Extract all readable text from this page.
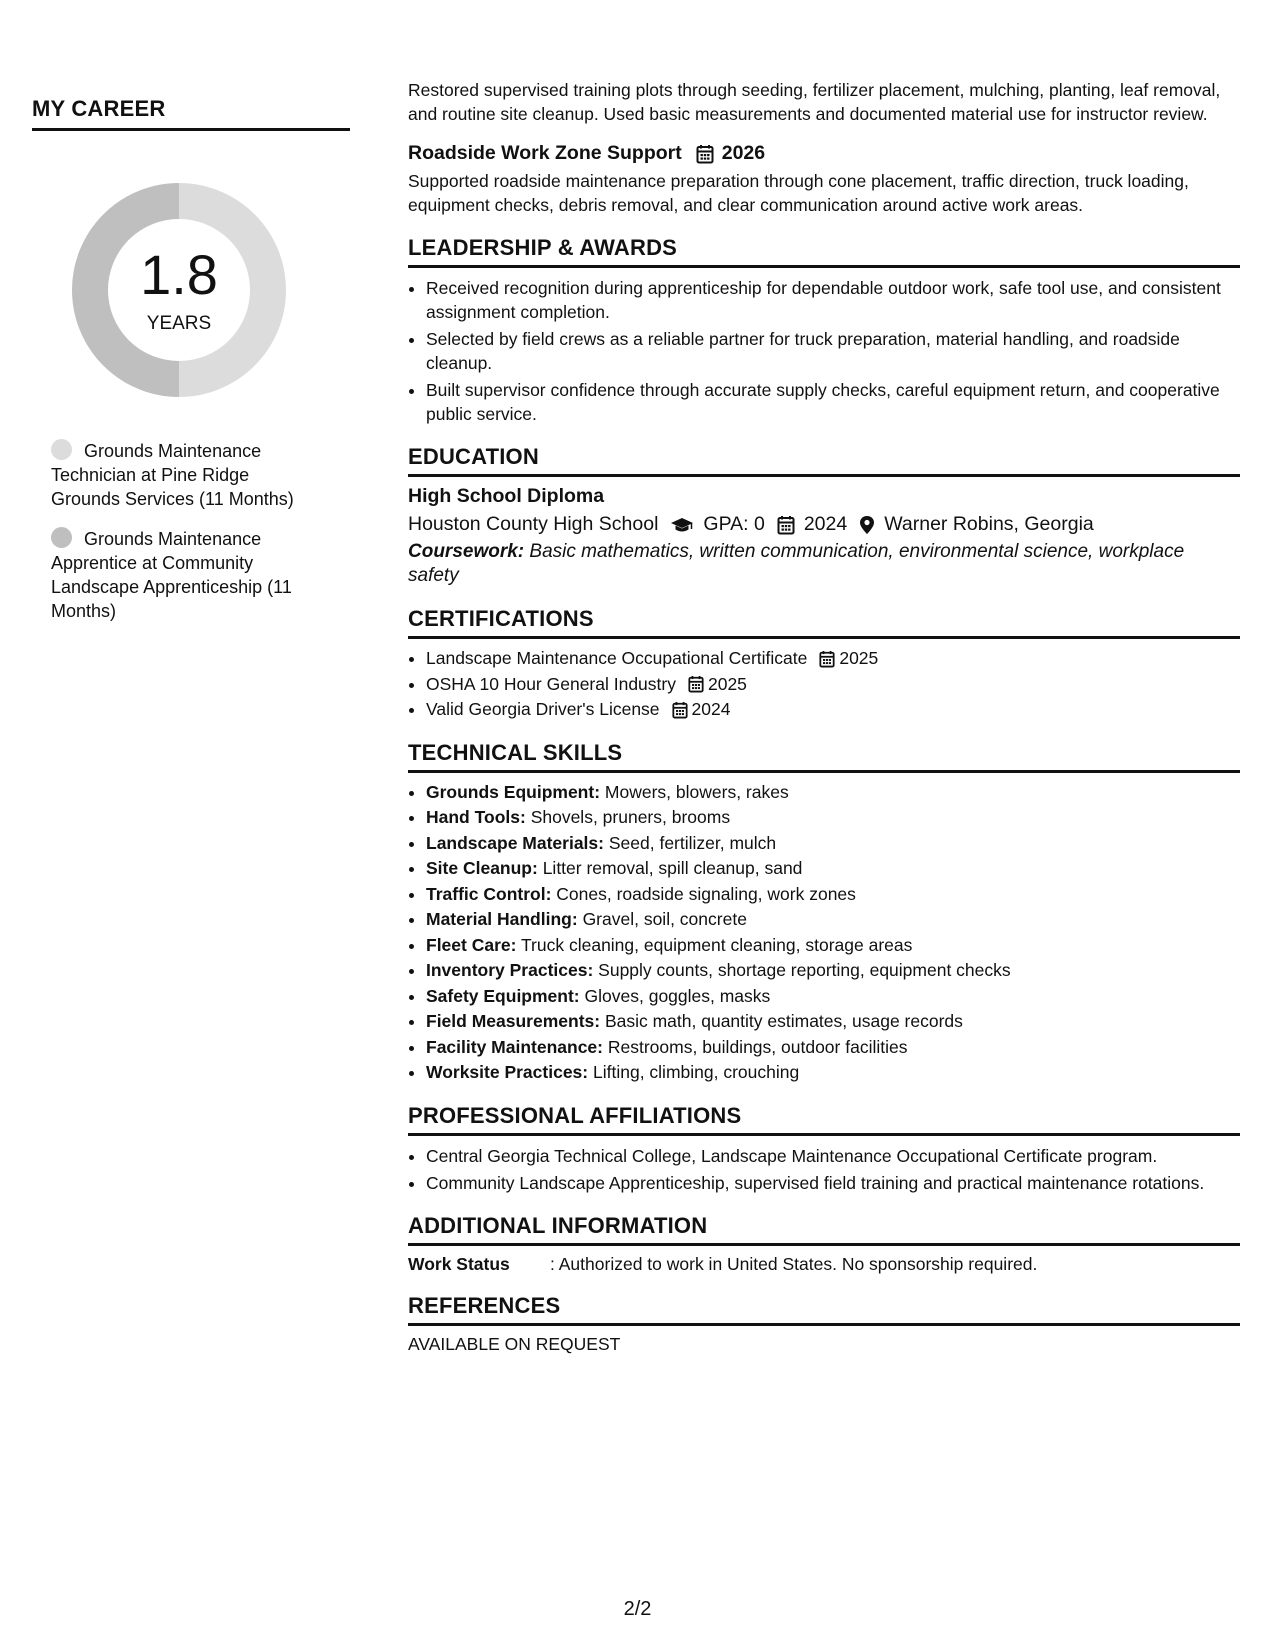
MY CAREER
1.8
YEARS
Grounds Maintenance Technician at Pine Ridge Grounds Services (11 Months)
Grounds Maintenance Apprentice at Community Landscape Apprenticeship (11 Months)

Restored supervised training plots through seeding, fertilizer placement, mulching, planting, leaf removal, and routine site cleanup. Used basic measurements and documented material use for instructor review.

Roadside Work Zone Support 2026

Supported roadside maintenance preparation through cone placement, traffic direction, truck loading, equipment checks, debris removal, and clear communication around active work areas.

LEADERSHIP & AWARDS
• Received recognition during apprenticeship for dependable outdoor work, safe tool use, and consistent assignment completion.
• Selected by field crews as a reliable partner for truck preparation, material handling, and roadside cleanup.
• Built supervisor confidence through accurate supply checks, careful equipment return, and cooperative public service.
EDUCATION
High School Diploma
Houston County High School GPA: 0 2024 Warner Robins, Georgia
Coursework: Basic mathematics, written communication, environmental science, workplace safety
CERTIFICATIONS
• Landscape Maintenance Occupational Certificate 2025
• OSHA 10 Hour General Industry 2025
• Valid Georgia Driver's License 2024
TECHNICAL SKILLS
• Grounds Equipment: Mowers, blowers, rakes
• Hand Tools: Shovels, pruners, brooms
• Landscape Materials: Seed, fertilizer, mulch
• Site Cleanup: Litter removal, spill cleanup, sand
• Traffic Control: Cones, roadside signaling, work zones
• Material Handling: Gravel, soil, concrete
• Fleet Care: Truck cleaning, equipment cleaning, storage areas
• Inventory Practices: Supply counts, shortage reporting, equipment checks
• Safety Equipment: Gloves, goggles, masks
• Field Measurements: Basic math, quantity estimates, usage records
• Facility Maintenance: Restrooms, buildings, outdoor facilities
• Worksite Practices: Lifting, climbing, crouching
PROFESSIONAL AFFILIATIONS
• Central Georgia Technical College, Landscape Maintenance Occupational Certificate program.
• Community Landscape Apprenticeship, supervised field training and practical maintenance rotations.
ADDITIONAL INFORMATION
Work Status	: Authorized to work in United States. No sponsorship required.
REFERENCES
AVAILABLE ON REQUEST
2/2
